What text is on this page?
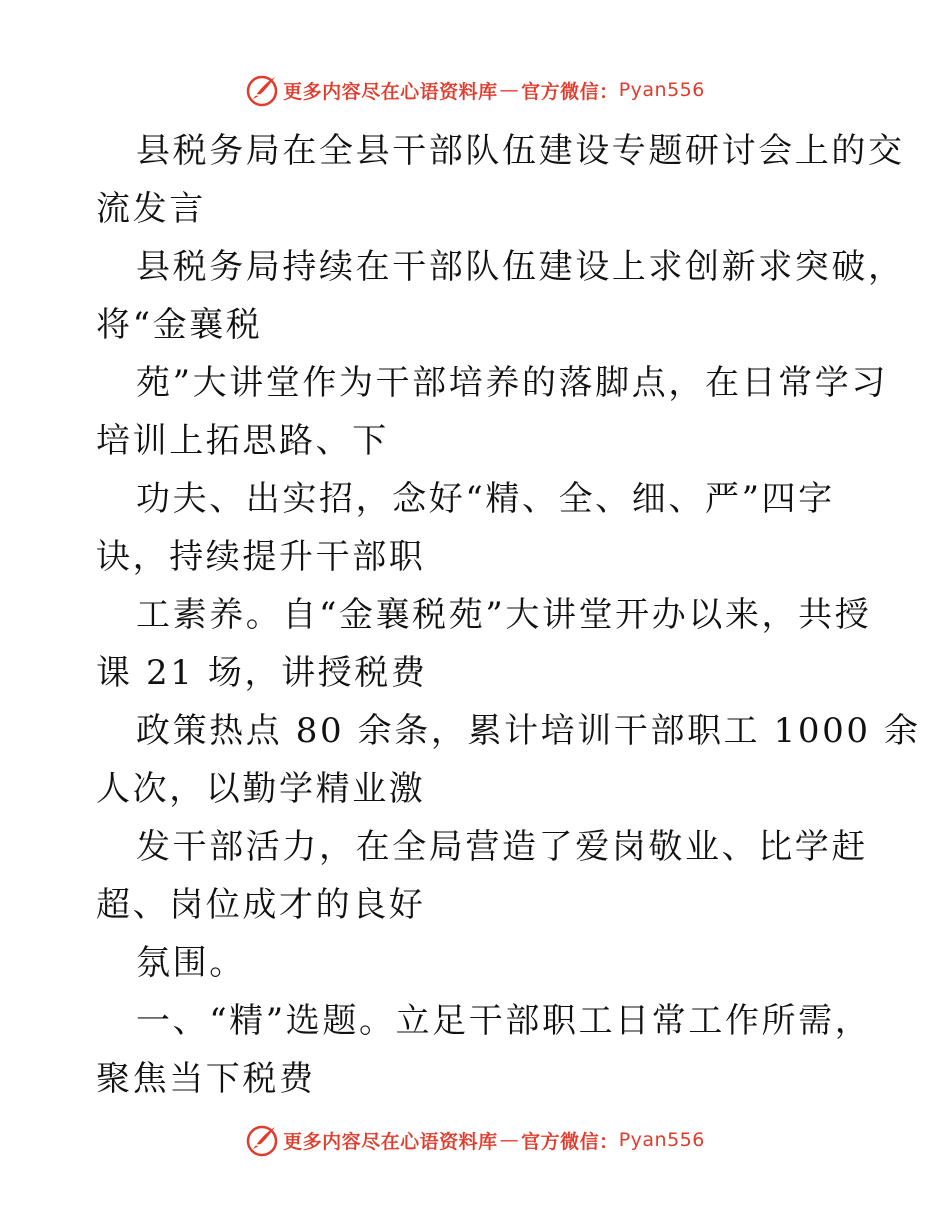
更多内容尽在心语资料库 — 官方微信： Pyan556
县税务局在全县干部队伍建设专题研讨会上的交
流发言
县税务局持续在干部队伍建设上求创新求突破，
将“金襄税
苑”大讲堂作为干部培养的落脚点，在日常学习
培训上拓思路、下
功夫、出实招，念好“精、全、细、严”四字
诀，持续提升干部职
工素养。自“金襄税苑”大讲堂开办以来，共授
课 21 场，讲授税费
政策热点 80 余条，累计培训干部职工 1000 余
人次，以勤学精业激
发干部活力，在全局营造了爱岗敬业、比学赶
超、岗位成才的良好
氛围。
一、“精”选题。立足干部职工日常工作所需，
聚焦当下税费
更多内容尽在心语资料库 — 官方微信： Pyan556
